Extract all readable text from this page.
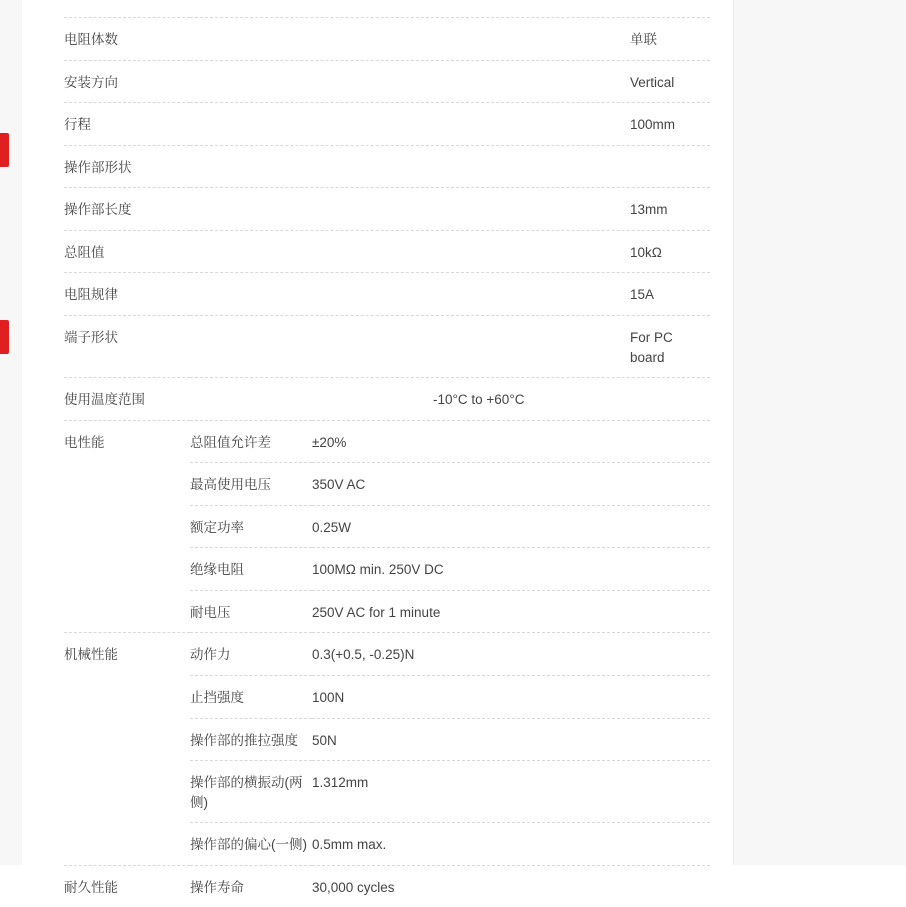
电阻体数	单联

安装方向	Vertical

行程	100mm

操作部形状	

操作部长度	13mm

总阻值	10kΩ

电阻规律	15A

端子形状	For PC board

使用温度范围	-10°C to +60°C
电性能	总阻值允许差	±20%
	最高使用电压	350V AC
	额定功率	0.25W
	绝缘电阻	100MΩ min. 250V DC
	耐电压	250V AC for 1 minute
机械性能	动作力	0.3(+0.5, -0.25)N
	止挡强度	100N
	操作部的推拉强度	50N
	操作部的横振动(两侧)	1.312mm
	操作部的偏心(一侧)	0.5mm max.
耐久性能	操作寿命	30,000 cycles
